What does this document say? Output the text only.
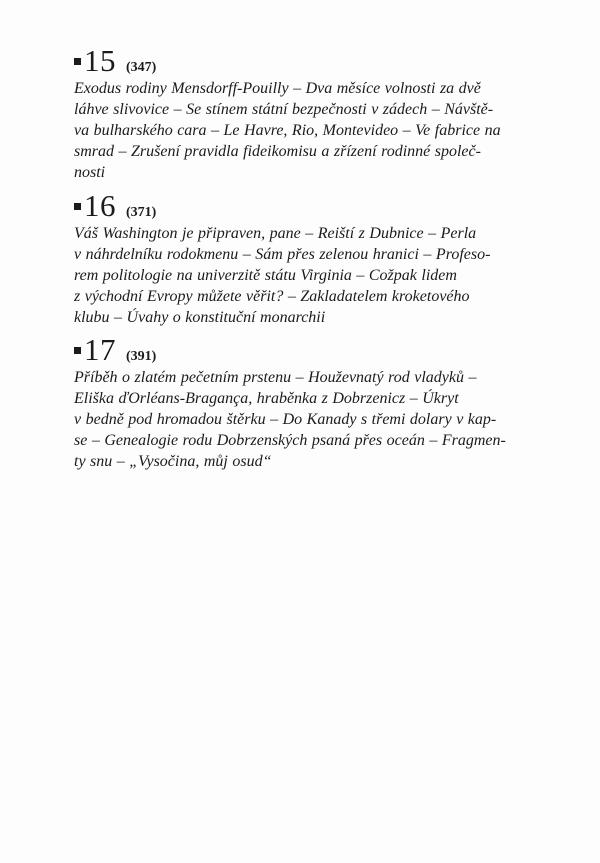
15 (347)

Exodus rodiny Mensdorff-Pouilly – Dva měsíce volnosti za dvě
láhve slivovice – Se stínem státní bezpečnosti v zádech – Návště-
va bulharského cara – Le Havre, Rio, Montevideo – Ve fabrice na
smrad – Zrušení pravidla fideikomisu a zřízení rodinné společ-
nosti

16 (371)

Váš Washington je připraven, pane – Reiští z Dubnice – Perla
v náhrdelníku rodokmenu – Sám přes zelenou hranici – Profeso-
rem politologie na univerzitě státu Virginia – Cožpak lidem
z východní Evropy můžete věřit? – Zakladatelem kroketového
klubu – Úvahy o konstituční monarchii

17 (391)

Příběh o zlatém pečetním prstenu – Houževnatý rod vladyků –
Eliška ďOrléans-Bragança, hraběnka z Dobrzenicz – Úkryt
v bedně pod hromadou štěrku – Do Kanady s třemi dolary v kap-
se – Genealogie rodu Dobrzenských psaná přes oceán – Fragmen-
ty snu – „Vysočina, můj osud“
